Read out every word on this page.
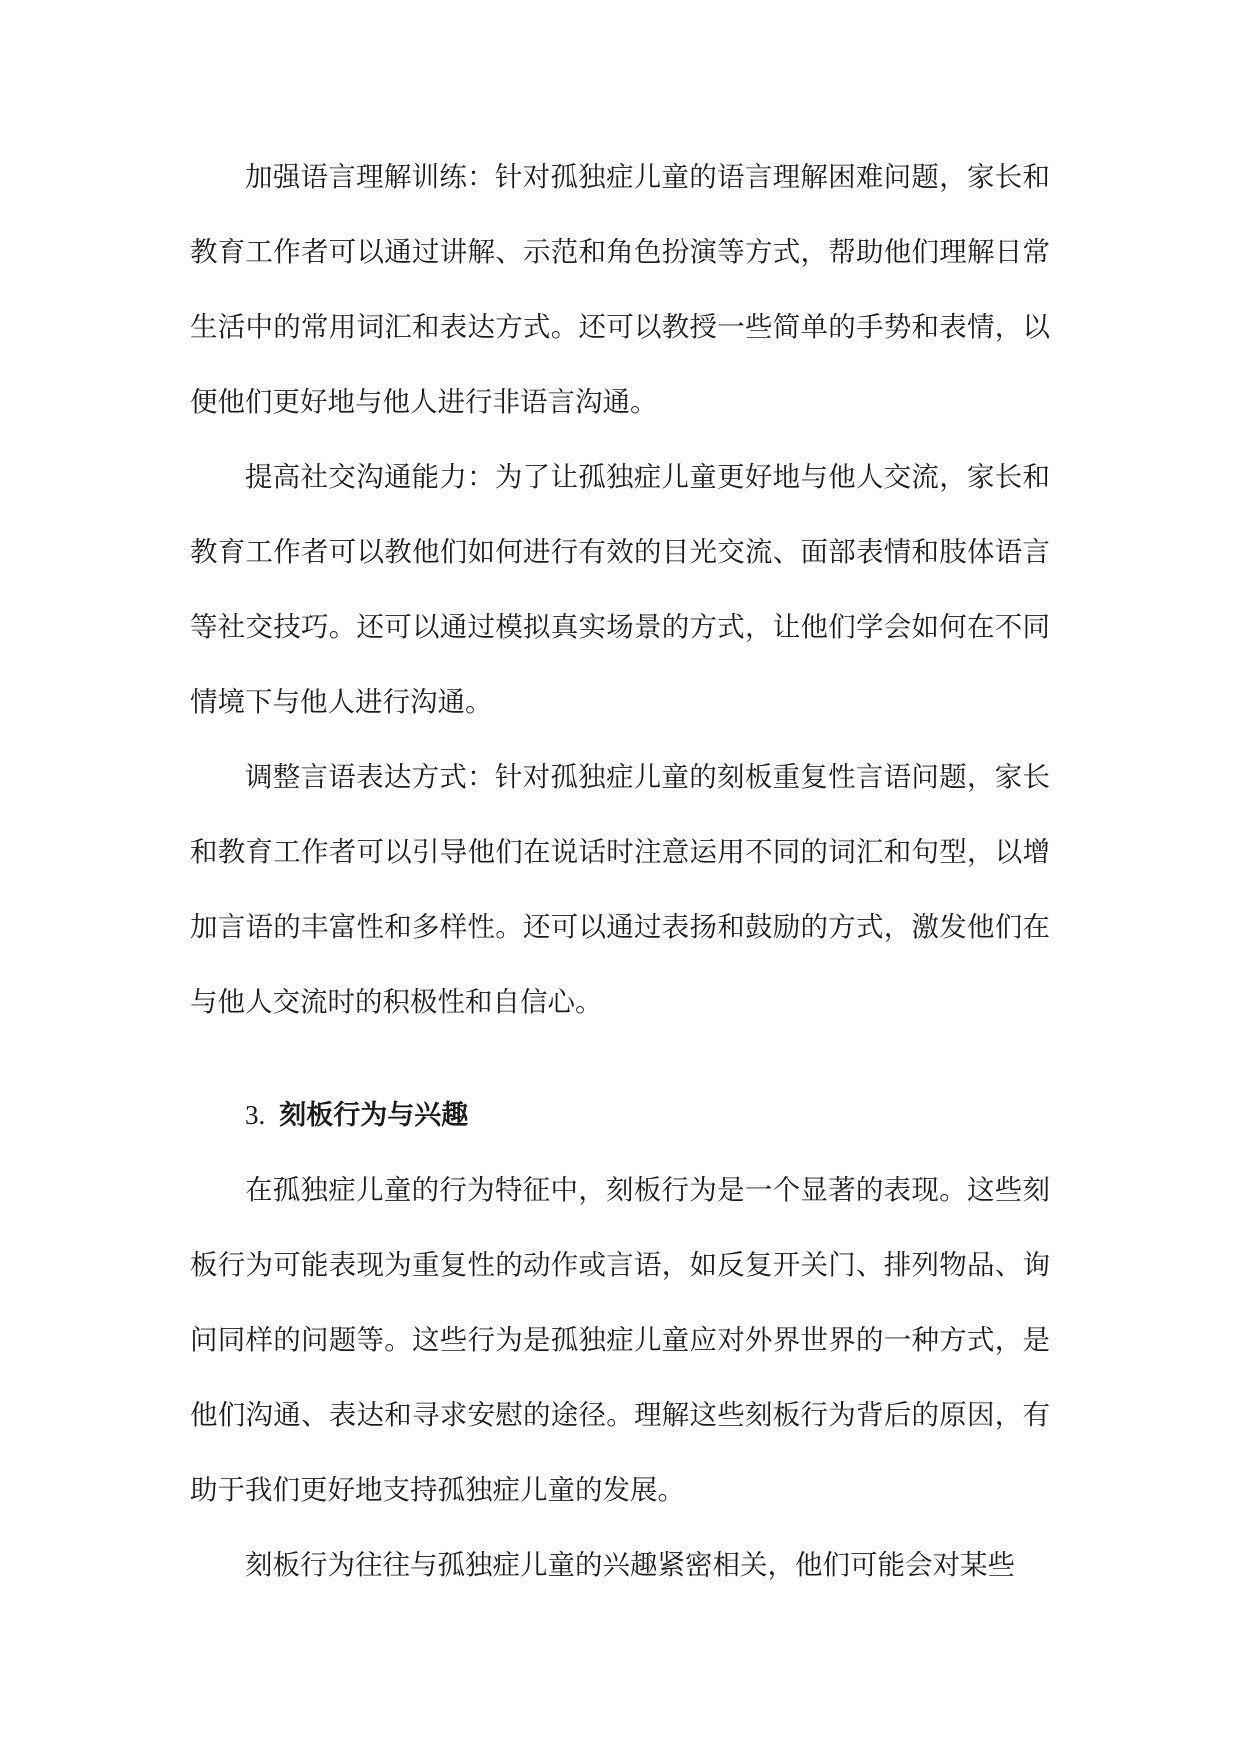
加强语言理解训练：针对孤独症儿童的语言理解困难问题，家长和教育工作者可以通过讲解、示范和角色扮演等方式，帮助他们理解日常生活中的常用词汇和表达方式。还可以教授一些简单的手势和表情，以便他们更好地与他人进行非语言沟通。

提高社交沟通能力：为了让孤独症儿童更好地与他人交流，家长和教育工作者可以教他们如何进行有效的目光交流、面部表情和肢体语言等社交技巧。还可以通过模拟真实场景的方式，让他们学会如何在不同情境下与他人进行沟通。

调整言语表达方式：针对孤独症儿童的刻板重复性言语问题，家长和教育工作者可以引导他们在说话时注意运用不同的词汇和句型，以增加言语的丰富性和多样性。还可以通过表扬和鼓励的方式，激发他们在与他人交流时的积极性和自信心。

3. 刻板行为与兴趣

在孤独症儿童的行为特征中，刻板行为是一个显著的表现。这些刻板行为可能表现为重复性的动作或言语，如反复开关门、排列物品、询问同样的问题等。这些行为是孤独症儿童应对外界世界的一种方式，是他们沟通、表达和寻求安慰的途径。理解这些刻板行为背后的原因，有助于我们更好地支持孤独症儿童的发展。

刻板行为往往与孤独症儿童的兴趣紧密相关，他们可能会对某些
